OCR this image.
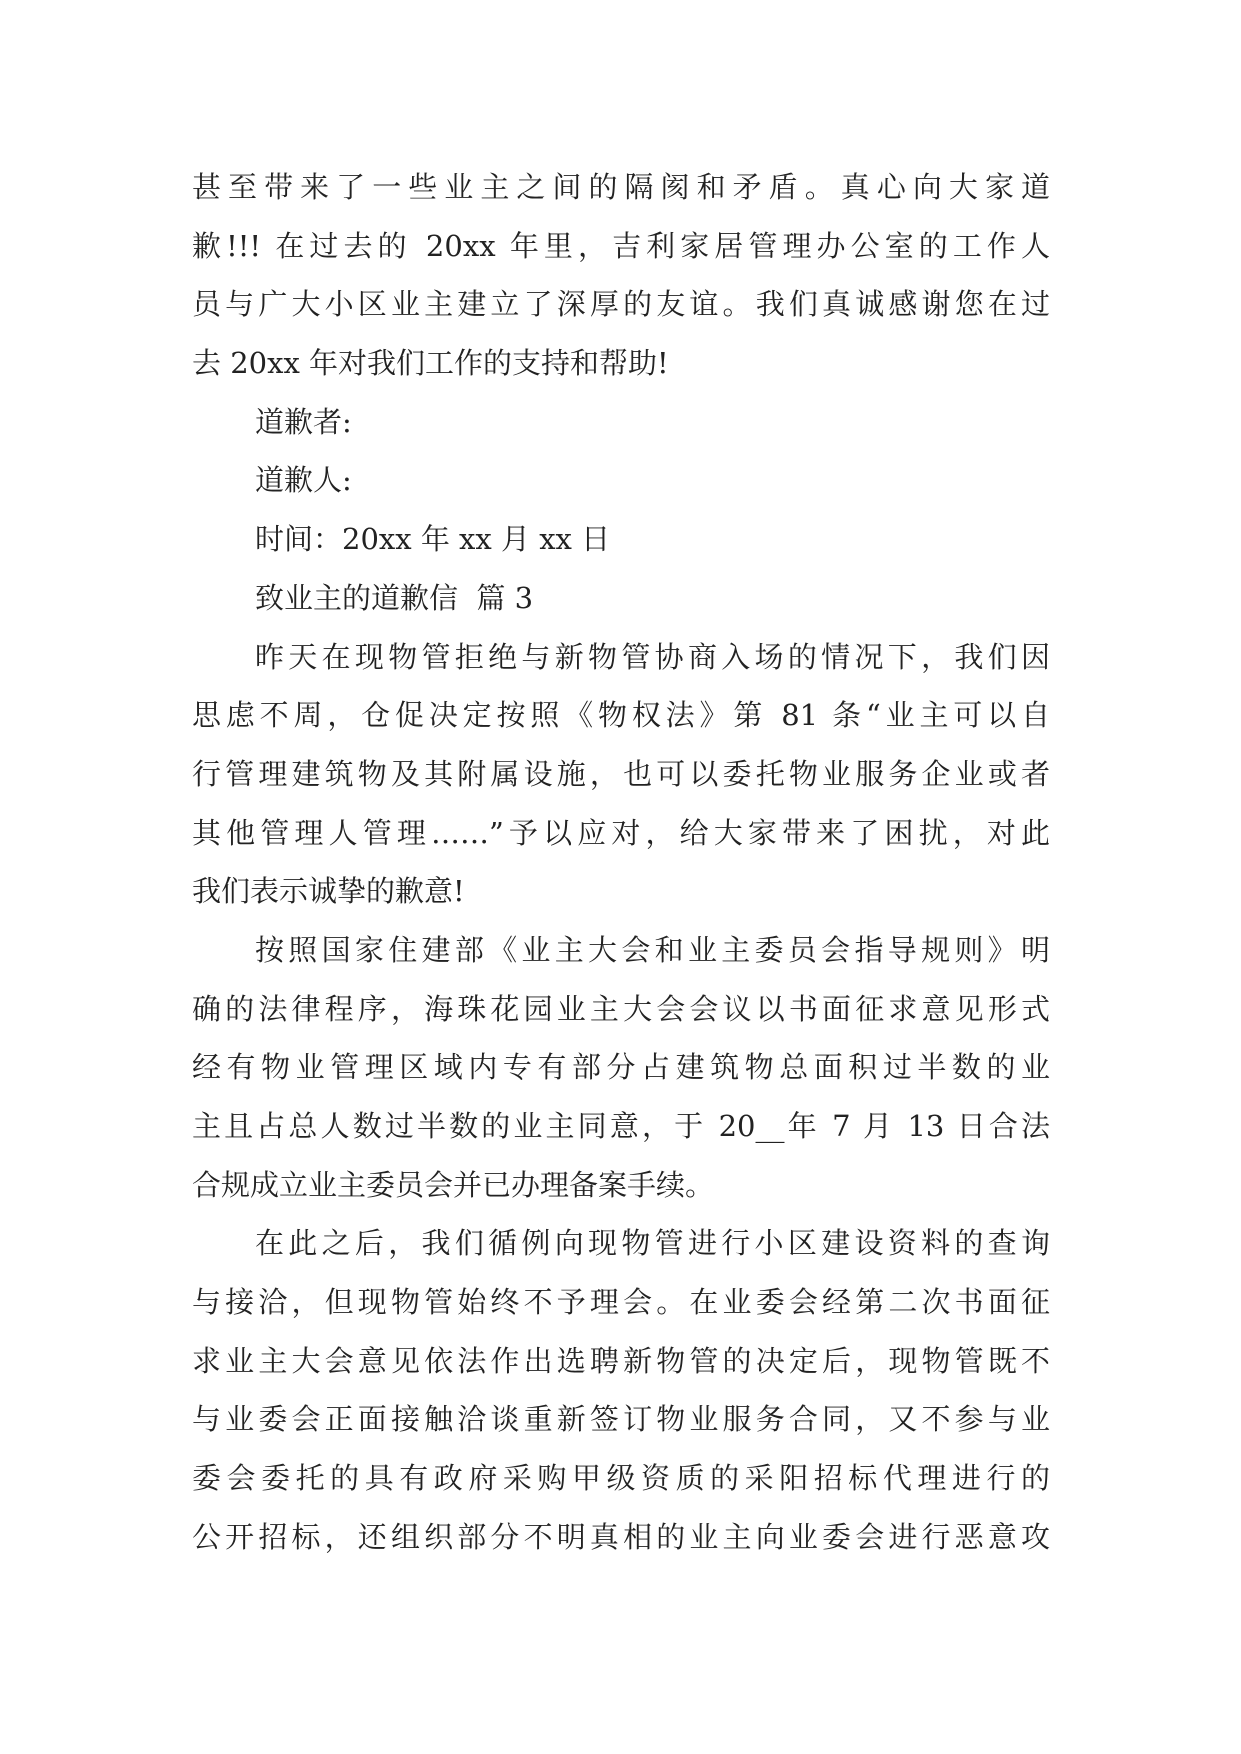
甚至带来了一些业主之间的隔阂和矛盾。真心向大家道
歉!!! 在过去的 20xx 年里，吉利家居管理办公室的工作人
员与广大小区业主建立了深厚的友谊。我们真诚感谢您在过
去 20xx 年对我们工作的支持和帮助!
道歉者:
道歉人:
时间：20xx 年 xx 月 xx 日
致业主的道歉信  篇 3
昨天在现物管拒绝与新物管协商入场的情况下，我们因
思虑不周，仓促决定按照《物权法》第 81 条“业主可以自
行管理建筑物及其附属设施，也可以委托物业服务企业或者
其他管理人管理……”予以应对，给大家带来了困扰，对此
我们表示诚挚的歉意!
按照国家住建部《业主大会和业主委员会指导规则》明
确的法律程序，海珠花园业主大会会议以书面征求意见形式
经有物业管理区域内专有部分占建筑物总面积过半数的业
主且占总人数过半数的业主同意，于 20__年 7 月 13 日合法
合规成立业主委员会并已办理备案手续。
在此之后，我们循例向现物管进行小区建设资料的查询
与接洽，但现物管始终不予理会。在业委会经第二次书面征
求业主大会意见依法作出选聘新物管的决定后，现物管既不
与业委会正面接触洽谈重新签订物业服务合同，又不参与业
委会委托的具有政府采购甲级资质的采阳招标代理进行的
公开招标，还组织部分不明真相的业主向业委会进行恶意攻
